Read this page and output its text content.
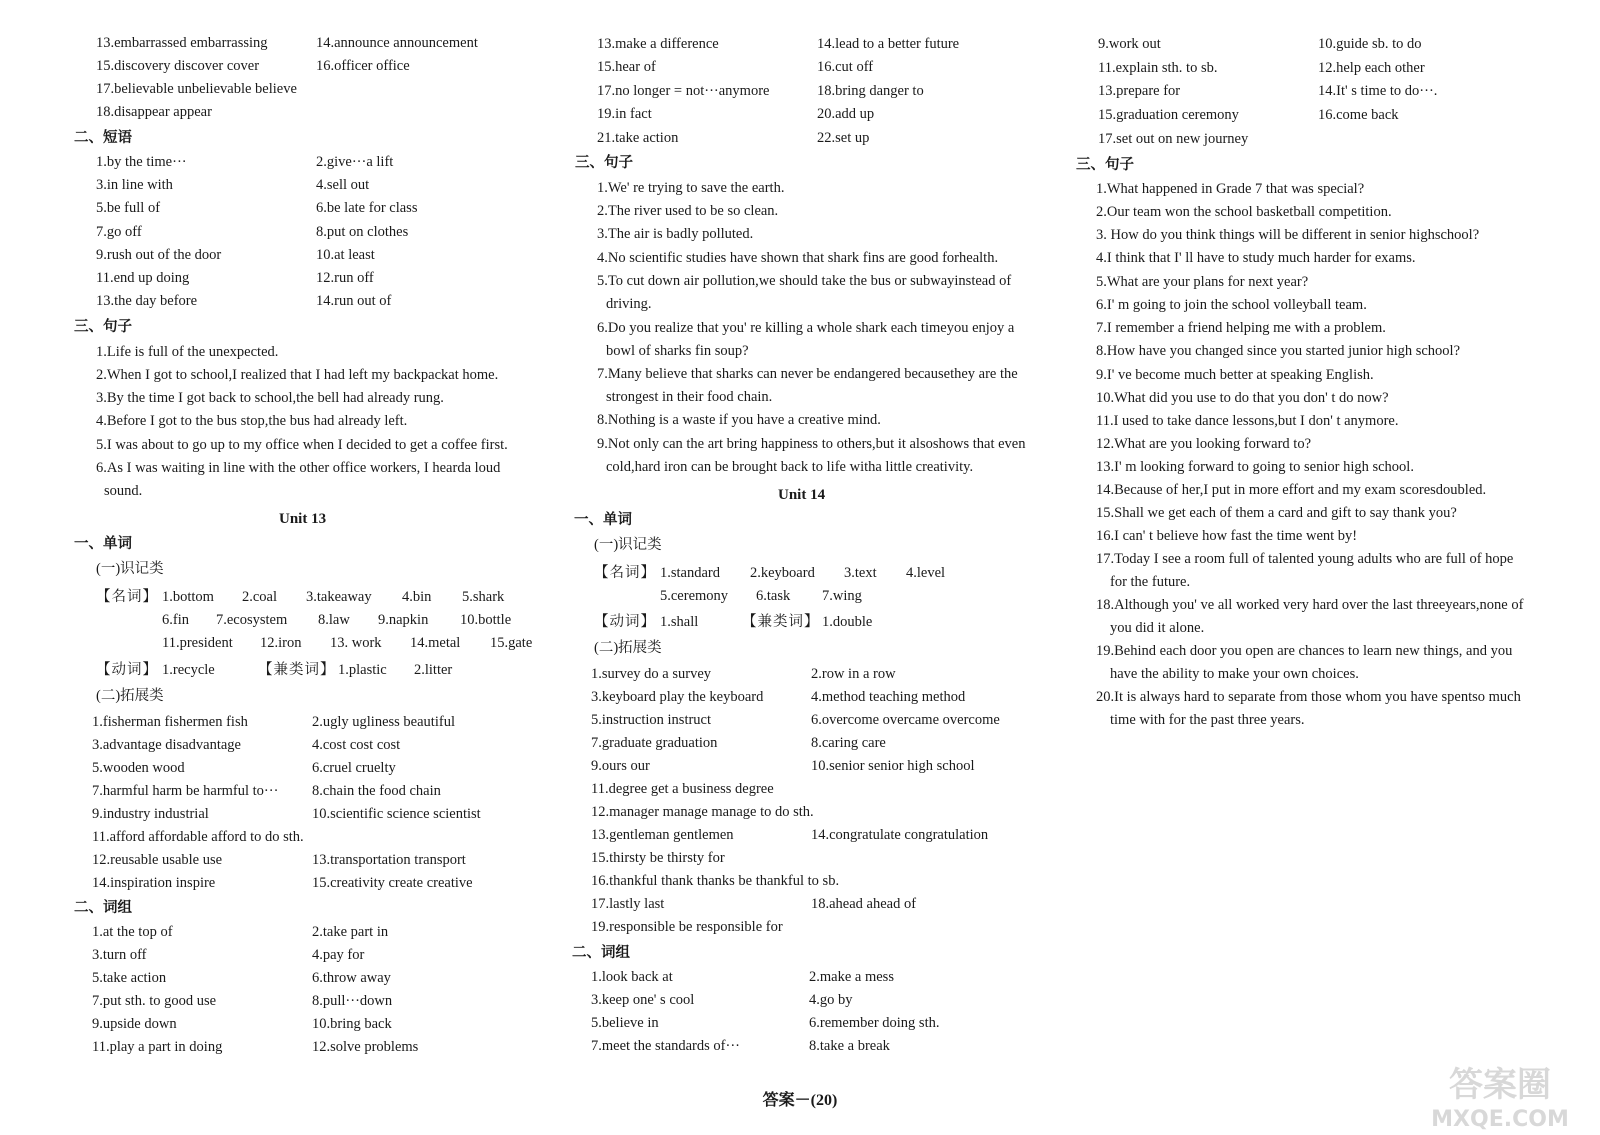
13.embarrassed embarrassing	14.announce announcement
15.discovery discover cover	16.officer office
17.believable unbelievable believe
18.disappear appear
二、短语
1.by the time···	2.give···a lift
3.in line with	4.sell out
5.be full of	6.be late for class
7.go off	8.put on clothes
9.rush out of the door	10.at least
11.end up doing	12.run off
13.the day before	14.run out of
三、句子
1.Life is full of the unexpected.
2.When I got to school,I realized that I had left my backpackat home.
3.By the time I got back to school,the bell had already rung.
4.Before I got to the bus stop,the bus had already left.
5.I was about to go up to my office when I decided to get a coffee first.
6.As I was waiting in line with the other office workers, I hearda loud
sound.
Unit 13
一、单词
(一)识记类
【名词】 1.bottom 2.coal 3.takeaway 4.bin 5.shark
6.fin 7.ecosystem 8.law 9.napkin 10.bottle
11.president 12.iron 13. work 14.metal 15.gate
【动词】 1.recycle	【兼类词】 1.plastic 2.litter
(二)拓展类
1.fisherman fishermen fish	2.ugly ugliness beautiful
3.advantage disadvantage	4.cost cost cost
5.wooden wood	6.cruel cruelty
7.harmful harm be harmful to··· 8.chain the food chain
9.industry industrial	10.scientific science scientist
11.afford affordable afford to do sth.
12.reusable usable use	13.transportation transport
14.inspiration inspire	15.creativity create creative
二、词组
1.at the top of	2.take part in
3.turn off	4.pay for
5.take action	6.throw away
7.put sth. to good use	8.pull···down
9.upside down	10.bring back
11.play a part in doing	12.solve problems
13.make a difference	14.lead to a better future
15.hear of	16.cut off
17.no longer = not···anymore	18.bring danger to
19.in fact	20.add up
21.take action	22.set up
三、句子
1.We' re trying to save the earth.
2.The river used to be so clean.
3.The air is badly polluted.
4.No scientific studies have shown that shark fins are good forhealth.
5.To cut down air pollution,we should take the bus or subwayinstead of
driving.
6.Do you realize that you' re killing a whole shark each timeyou enjoy a
bowl of sharks fin soup?
7.Many believe that sharks can never be endangered becausethey are the
strongest in their food chain.
8.Nothing is a waste if you have a creative mind.
9.Not only can the art bring happiness to others,but it alsoshows that even
cold,hard iron can be brought back to life witha little creativity.
Unit 14
一、单词
(一)识记类
【名词】 1.standard 2.keyboard 3.text 4.level
5.ceremony 6.task 7.wing
【动词】 1.shall	【兼类词】 1.double
(二)拓展类
1.survey do a survey	2.row in a row
3.keyboard play the keyboard	4.method teaching method
5.instruction instruct	6.overcome overcame overcome
7.graduate graduation	8.caring care
9.ours our	10.senior senior high school
11.degree get a business degree
12.manager manage manage to do sth.
13.gentleman gentlemen	14.congratulate congratulation
15.thirsty be thirsty for
16.thankful thank thanks be thankful to sb.
17.lastly last	18.ahead ahead of
19.responsible be responsible for
二、词组
1.look back at	2.make a mess
3.keep one' s cool	4.go by
5.believe in	6.remember doing sth.
7.meet the standards of···	8.take a break
9.work out	10.guide sb. to do
11.explain sth. to sb.	12.help each other
13.prepare for	14.It' s time to do···.
15.graduation ceremony	16.come back
17.set out on new journey
三、句子
1.What happened in Grade 7 that was special?
2.Our team won the school basketball competition.
3. How do you think things will be different in senior highschool?
4.I think that I' ll have to study much harder for exams.
5.What are your plans for next year?
6.I' m going to join the school volleyball team.
7.I remember a friend helping me with a problem.
8.How have you changed since you started junior high school?
9.I' ve become much better at speaking English.
10.What did you use to do that you don' t do now?
11.I used to take dance lessons,but I don' t anymore.
12.What are you looking forward to?
13.I' m looking forward to going to senior high school.
14.Because of her,I put in more effort and my exam scoresdoubled.
15.Shall we get each of them a card and gift to say thank you?
16.I can' t believe how fast the time went by!
17.Today I see a room full of talented young adults who are full of hope
for the future.
18.Although you' ve all worked very hard over the last threeyears,none of
you did it alone.
19.Behind each door you open are chances to learn new things, and you
have the ability to make your own choices.
20.It is always hard to separate from those whom you have spentso much
time with for the past three years.
答案－(20)	答案圈
MXQE.COM
